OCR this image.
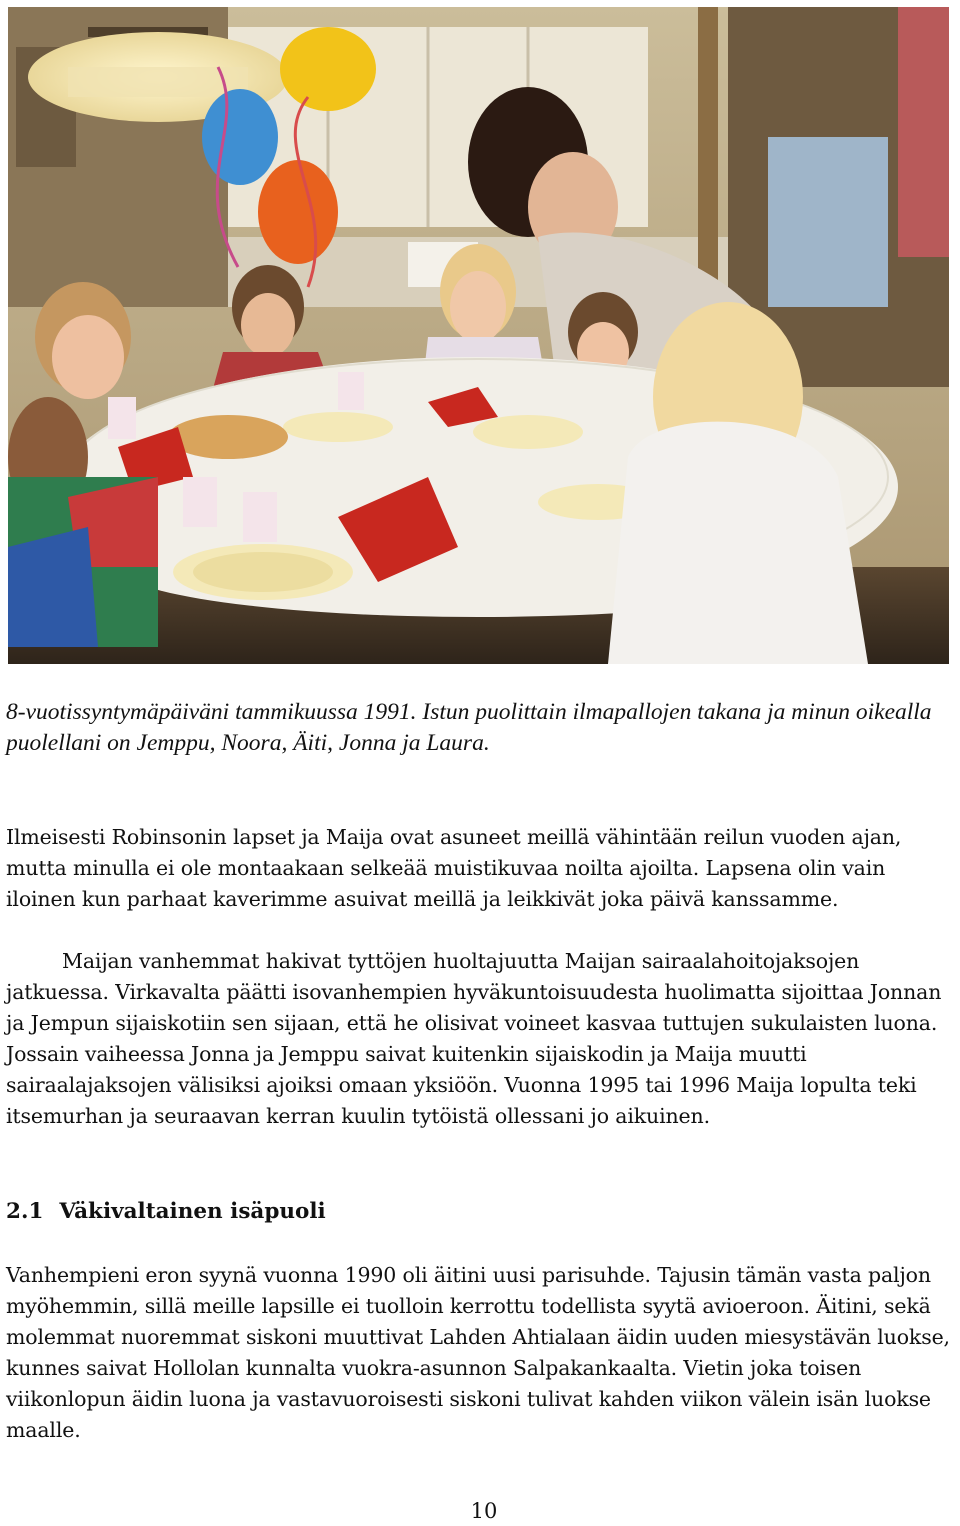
8-vuotissyntymäpäiväni tammikuussa 1991. Istun puolittain ilmapallojen takana ja minun oikealla puolellani on Jemppu, Noora, Äiti, Jonna ja Laura.

Ilmeisesti Robinsonin lapset ja Maija ovat asuneet meillä vähintään reilun vuoden ajan, mutta minulla ei ole montaakaan selkeää muistikuvaa noilta ajoilta. Lapsena olin vain iloinen kun parhaat kaverimme asuivat meillä ja leikkivät joka päivä kanssamme.

Maijan vanhemmat hakivat tyttöjen huoltajuutta Maijan sairaalahoitojaksojen jatkuessa. Virkavalta päätti isovanhempien hyväkuntoisuudesta huolimatta sijoittaa Jonnan ja Jempun sijaiskotiin sen sijaan, että he olisivat voineet kasvaa tuttujen sukulaisten luona. Jossain vaiheessa Jonna ja Jemppu saivat kuitenkin sijaiskodin ja Maija muutti sairaalajaksojen välisiksi ajoiksi omaan yksiöön. Vuonna 1995 tai 1996 Maija lopulta teki itsemurhan ja seuraavan kerran kuulin tytöistä ollessani jo aikuinen.

2.1 Väkivaltainen isäpuoli

Vanhempieni eron syynä vuonna 1990 oli äitini uusi parisuhde. Tajusin tämän vasta paljon myöhemmin, sillä meille lapsille ei tuolloin kerrottu todellista syytä avioeroon. Äitini, sekä molemmat nuoremmat siskoni muuttivat Lahden Ahtialaan äidin uuden miesystävän luokse, kunnes saivat Hollolan kunnalta vuokra-asunnon Salpakankaalta. Vietin joka toisen viikonlopun äidin luona ja vastavuoroisesti siskoni tulivat kahden viikon välein isän luokse maalle.

10
